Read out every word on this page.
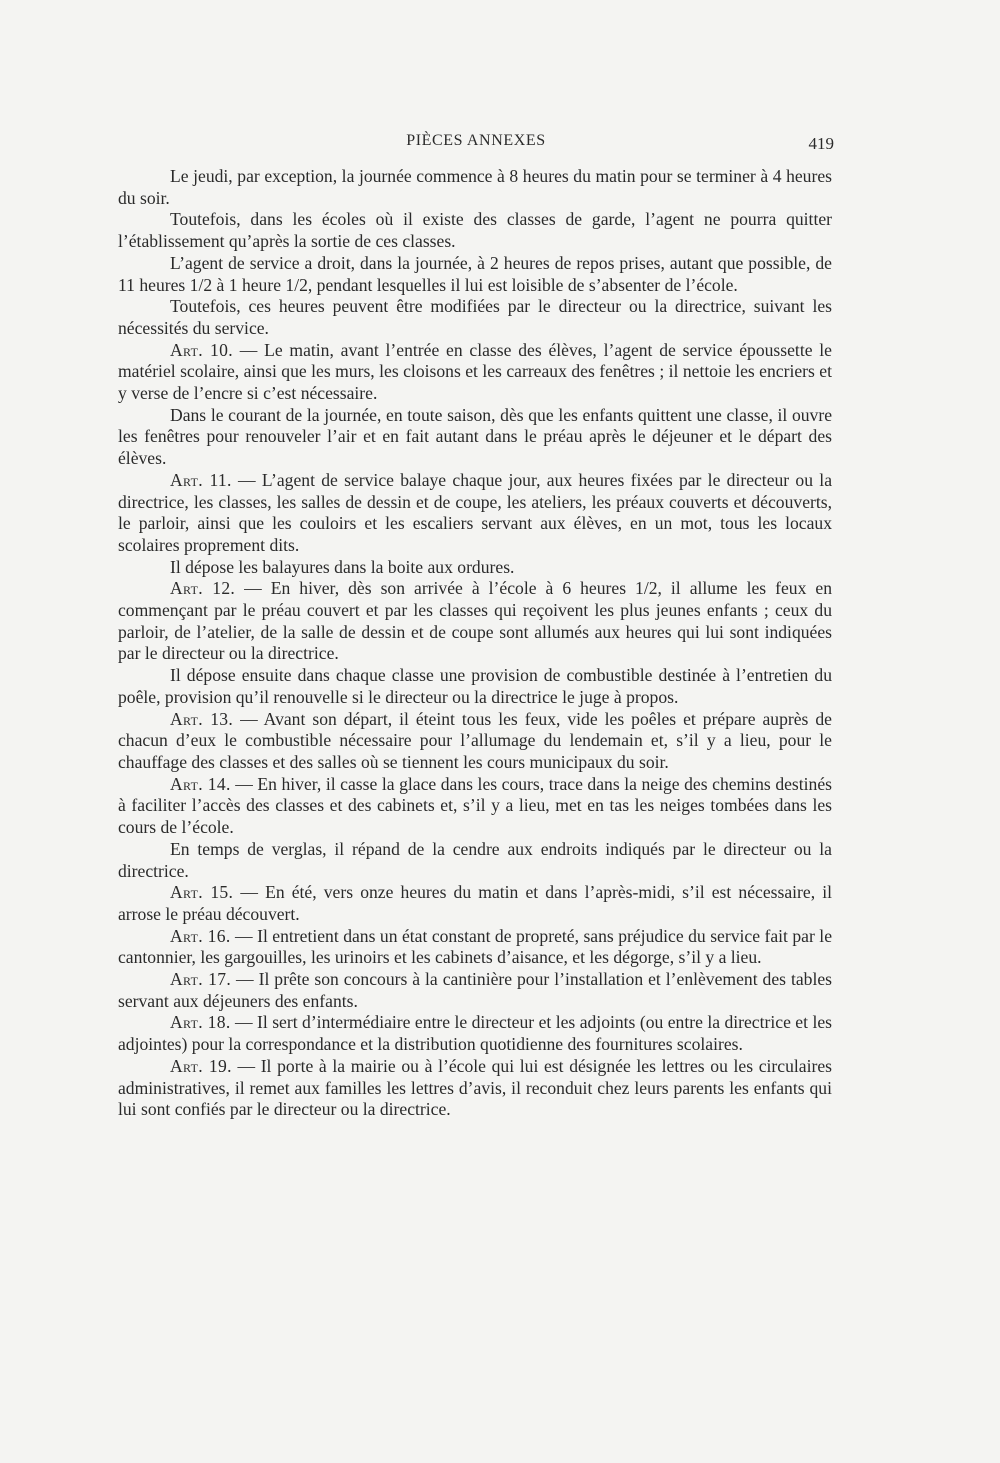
PIÈCES ANNEXES	419

Le jeudi, par exception, la journée commence à 8 heures du matin pour se terminer à 4 heures du soir.

Toutefois, dans les écoles où il existe des classes de garde, l’agent ne pourra quitter l’établissement qu’après la sortie de ces classes.

L’agent de service a droit, dans la journée, à 2 heures de repos prises, autant que possible, de 11 heures 1/2 à 1 heure 1/2, pendant lesquelles il lui est loisible de s’absenter de l’école.

Toutefois, ces heures peuvent être modifiées par le directeur ou la directrice, suivant les nécessités du service.

Art. 10. — Le matin, avant l’entrée en classe des élèves, l’agent de service époussette le matériel scolaire, ainsi que les murs, les cloisons et les carreaux des fenêtres ; il nettoie les encriers et y verse de l’encre si c’est nécessaire.

Dans le courant de la journée, en toute saison, dès que les enfants quittent une classe, il ouvre les fenêtres pour renouveler l’air et en fait autant dans le préau après le déjeuner et le départ des élèves.

Art. 11. — L’agent de service balaye chaque jour, aux heures fixées par le directeur ou la directrice, les classes, les salles de dessin et de coupe, les ateliers, les préaux couverts et découverts, le parloir, ainsi que les couloirs et les escaliers servant aux élèves, en un mot, tous les locaux scolaires proprement dits.

Il dépose les balayures dans la boite aux ordures.

Art. 12. — En hiver, dès son arrivée à l’école à 6 heures 1/2, il allume les feux en commençant par le préau couvert et par les classes qui reçoivent les plus jeunes enfants ; ceux du parloir, de l’atelier, de la salle de dessin et de coupe sont allumés aux heures qui lui sont indiquées par le directeur ou la directrice.

Il dépose ensuite dans chaque classe une provision de combustible destinée à l’entretien du poêle, provision qu’il renouvelle si le directeur ou la directrice le juge à propos.

Art. 13. — Avant son départ, il éteint tous les feux, vide les poêles et prépare auprès de chacun d’eux le combustible nécessaire pour l’allumage du lendemain et, s’il y a lieu, pour le chauffage des classes et des salles où se tiennent les cours municipaux du soir.

Art. 14. — En hiver, il casse la glace dans les cours, trace dans la neige des chemins destinés à faciliter l’accès des classes et des cabinets et, s’il y a lieu, met en tas les neiges tombées dans les cours de l’école.

En temps de verglas, il répand de la cendre aux endroits indiqués par le directeur ou la directrice.

Art. 15. — En été, vers onze heures du matin et dans l’après-midi, s’il est nécessaire, il arrose le préau découvert.

Art. 16. — Il entretient dans un état constant de propreté, sans préjudice du service fait par le cantonnier, les gargouilles, les urinoirs et les cabinets d’aisance, et les dégorge, s’il y a lieu.

Art. 17. — Il prête son concours à la cantinière pour l’installation et l’enlèvement des tables servant aux déjeuners des enfants.

Art. 18. — Il sert d’intermédiaire entre le directeur et les adjoints (ou entre la directrice et les adjointes) pour la correspondance et la distribution quotidienne des fournitures scolaires.

Art. 19. — Il porte à la mairie ou à l’école qui lui est désignée les lettres ou les circulaires administratives, il remet aux familles les lettres d’avis, il reconduit chez leurs parents les enfants qui lui sont confiés par le directeur ou la directrice.
